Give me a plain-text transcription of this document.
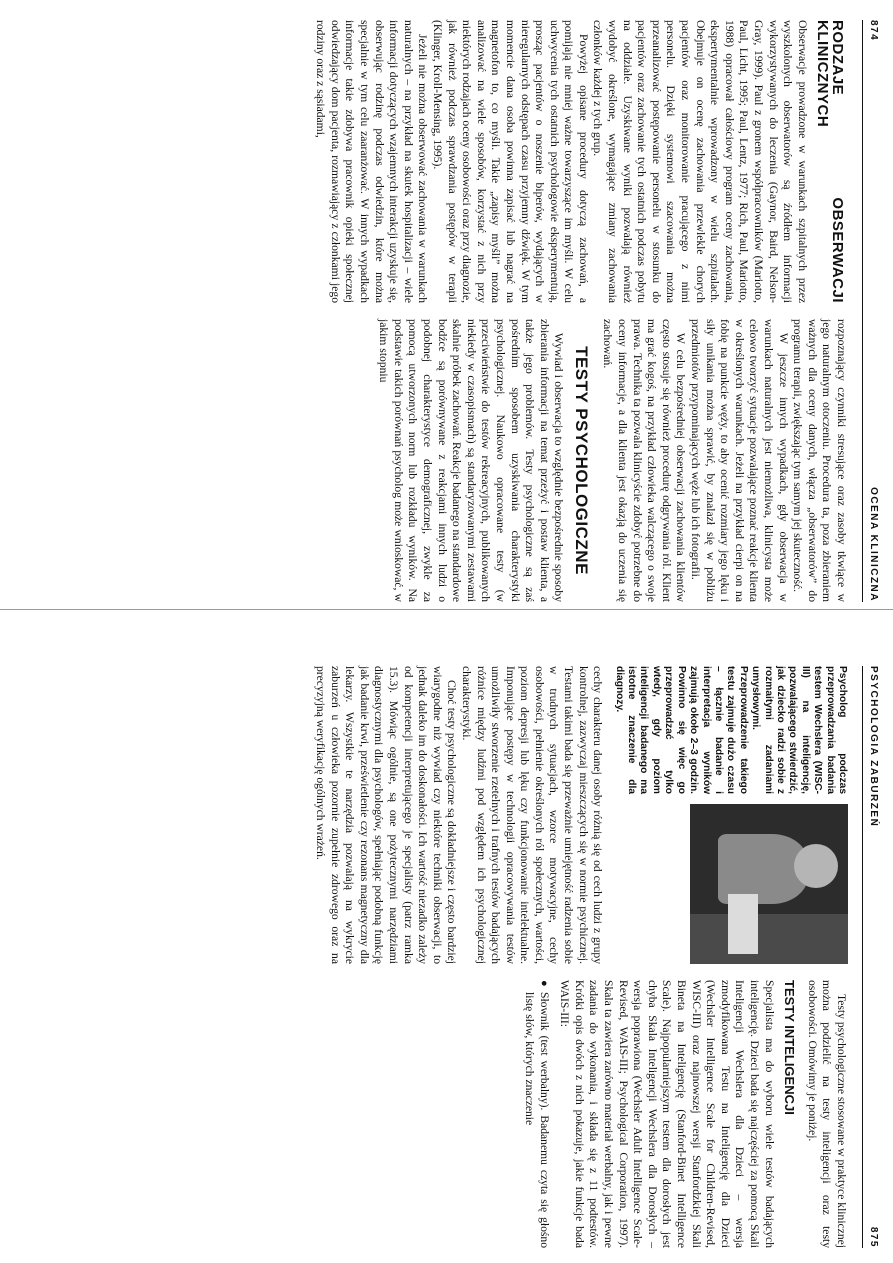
874
OCENA KLINICZNA
RODZAJE OBSERWACJI KLINICZNYCH

Obserwacje prowadzone w warunkach szpitalnych przez wyszkolonych obserwatorów są źródłem informacji wykorzystywanych do leczenia (Gaynor, Baird, Nelson-Gray, 1999). Paul z gronem współpracowników (Mariotto, Paul, Licht, 1995; Paul, Lentz, 1977; Rich, Paul, Mariotto, 1988) opracował całościowy program oceny zachowania, ekspertymentalnie wprowadzony w wielu szpitalach. Obejmuje on ocenę zachowania przewlekle chorych pacjentów oraz monitorowanie pracującego z nimi personelu. Dzięki systemowi szacowania można przeanalizować postępowanie personelu w stosunku do pacjentów oraz zachowanie tych ostatnich podczas pobytu na oddziale. Uzyskiwane wyniki pozwalają również wydobyć określone, wymagające zmiany zachowania członków każdej z tych grup.

Powyżej opisane procedury dotyczą zachowań, a pomijają nie mniej ważne towarzyszące im myśli. W celu uchwycenia tych ostatnich psychologowie eksperymentują, prosząc pacjentów o noszenie biperów, wydających w nieregularnych odstępach czasu przyjemny dźwięk. W tym momencie dana osoba powinna zapisać lub nagrać na magnetofon to, co myśli. Takie „zapisy myśli” można analizować na wiele sposobów, korzystać z nich przy niektórych rodzajach oceny osobowości oraz przy diagnozie, jak również podczas sprawdzania postępów w terapii (Klinger, Kroll-Mensing, 1995).

Jeżeli nie można obserwować zachowania w warunkach naturalnych – na przykład na skutek hospitalizacji – wiele informacji dotyczących wzajemnych interakcji uzyskuje się, obserwując rodzinę podczas odwiedzin, które można specjalnie w tym celu zaaranżować. W innych wypadkach informacje takie zdobywa pracownik opieki społecznej odwiedzający dom pacjenta, rozmawiający z członkami jego rodziny oraz z sąsiadami,

rozpoznający czynniki stresujące oraz zasoby tkwiące w jego naturalnym otoczeniu. Procedura ta, poza zbieraniem ważnych dla oceny danych, włącza „obserwatorów” do programu terapii, zwiększając tym samym jej skuteczność.

W jeszcze innych wypadkach, gdy obserwacja w warunkach naturalnych jest niemożliwa, klinicysta może celowo tworzyć sytuacje pozwalające poznać reakcje klienta w określonych warunkach. Jeżeli na przykład cierpi on na fobię na punkcie węży, to aby ocenić rozmiary jego lęku i siły unikania można sprawić, by znalazł się w pobliżu przedmiotów przypominających węże lub ich fotografii.

W celu bezpośredniej obserwacji zachowania klientów często stosuje się również procedurę odgrywania ról. Klient ma grać kogoś, na przykład człowieka walczącego o swoje prawa. Technika ta pozwala klinicyście zdobyć potrzebne do oceny informacje, a dla klienta jest okazją do uczenia się zachowań.

TESTY PSYCHOLOGICZNE

Wywiad i obserwacja to względnie bezpośrednie sposoby zbierania informacji na temat przeżyć i postaw klienta, a także jego problemów. Testy psychologiczne są zaś pośrednim sposobem uzyskiwania charakterystyki psychologicznej. Naukowo opracowane testy (w przeciwieństwie do testów rekreacyjnych, publikowanych niekiedy w czasopismach) są standaryzowanymi zestawami skalnie próbek zachowań. Reakcje badanego na standardowe bodźce są porównywane z reakcjami innych ludzi o podobnej charakterystyce demograficznej, zwykle za pomocą utworzonych norm lub rozkładu wyników. Na podstawie takich porównań psycholog może wnioskować, w jakim stopniu

PSYCHOLOGIA ZABURZEŃ
875
Psycholog podczas przeprowadzania badania testem Wechslera (WISC-III) na inteligencję, pozwalającego stwierdzić, jak dziecko radzi sobie z rozmaitymi zadaniami umysłowymi. Przeprowadzenie takiego testu zajmuje dużo czasu – łącznie badanie i interpretacja wyników zajmują około 2–3 godzin. Powinno się więc go przeprowadzać tylko wtedy, gdy poziom inteligencji badanego ma istotne znaczenie dla diagnozy.

cechy charakteru danej osoby różnią się od cech ludzi z grupy kontrolnej, zazwyczaj mieszczących się w normie psychicznej. Testami takimi bada się przeważnie umiejętność radzenia sobie w trudnych sytuacjach, wzorce motywacyjne, cechy osobowości, pełnienie określonych ról społecznych, wartości, poziom depresji lub lęku czy funkcjonowanie intelektualne. Imponujące postępy w technologii opracowywania testów umożliwiły stworzenie rzetelnych i trafnych testów badających różnice między ludźmi pod względem ich psychologicznej charakterystyki.

Choć testy psychologiczne są dokładniejsze i często bardziej wiarygodne niż wywiad czy niektóre techniki obserwacji, to jednak daleko im do doskonałości. Ich wartość niezadko zależy od kompetencji interpretującego je specjalisty (patrz ramka 15.3). Mówiąc ogólnie, są one pożytecznymi narzędziami diagnostycznymi dla psychologów, spełniając podobną funkcję jak badanie krwi, prześwietlenie czy rezonans magnetyczny dla lekarzy. Wszystkie te narzędzia pozwalają na wykrycie zaburzeń u człowieka pozornie zupełnie zdrowego oraz na precyzyjną weryfikację ogólnych wrażeń.

Testy psychologiczne stosowane w praktyce klinicznej można podzielić na testy inteligencji oraz testy osobowości. Omówimy je poniżej.

TESTY INTELIGENCJI

Specjalista ma do wyboru wiele testów badających inteligencję. Dzieci bada się najczęściej za pomocą Skali Inteligencji Wechslera dla Dzieci – wersja zmodyfikowana Testu na Inteligencję dla Dzieci (Wechsler Intelligence Scale for Children-Revised, WISC-III) oraz najnowszej wersji Stanfordzkiej Skali Bineta na Inteligencję (Stanford-Binet Intelligence Scale). Najpopularniejszym testem dla dorosłych jest chyba Skala Inteligencji Wechslera dla Dorosłych – wersja poprawiona (Wechsler Adult Intelligence Scale-Revised, WAIS-III; Psychological Corporation, 1997). Skala ta zawiera zarówno materiał werbalny, jak i pewne zadania do wykonania, i składa się z 11 podtestów. Krótki opis dwóch z nich pokazuje, jakie funkcje bada WAIS-III:

● Słownik (test werbalny). Badanemu czyta się głośno listę słów, których znaczenie
